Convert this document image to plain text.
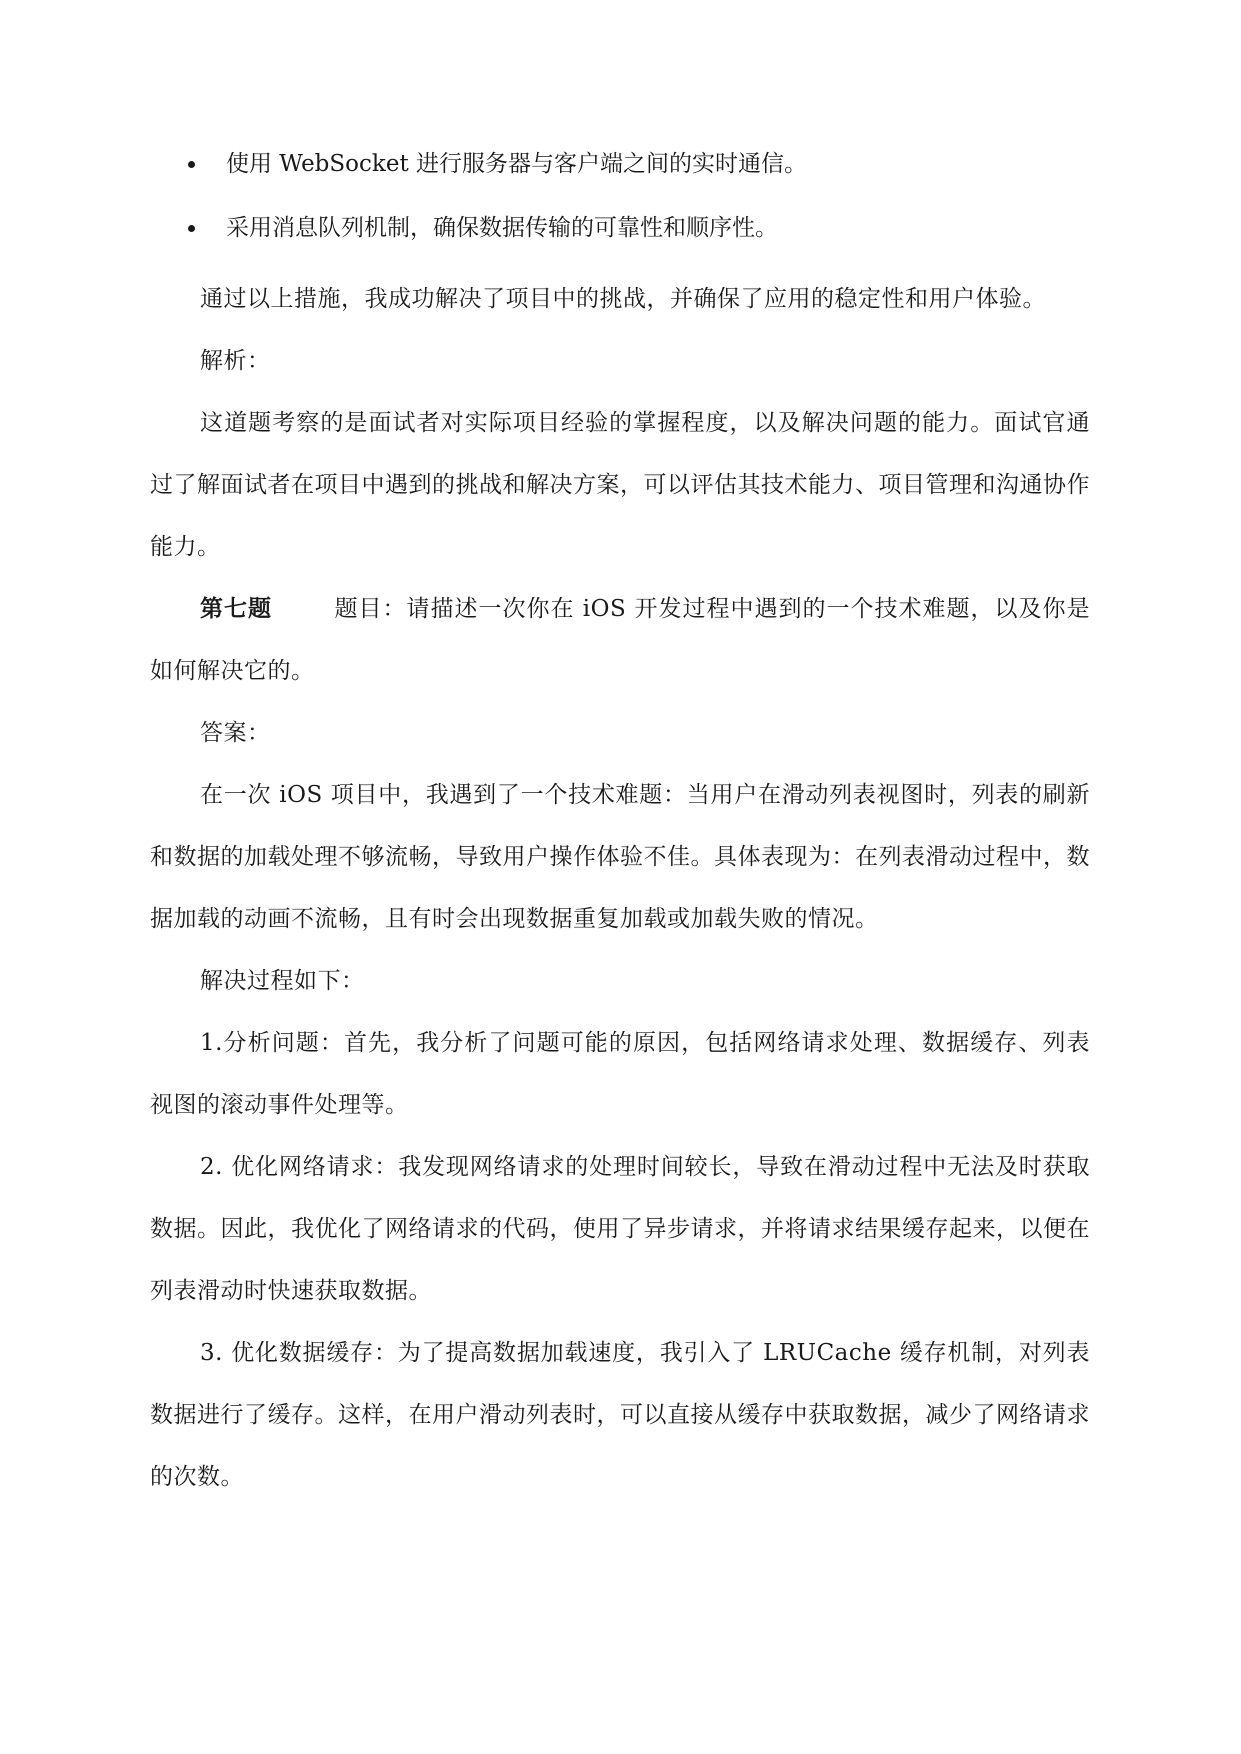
使用 WebSocket 进行服务器与客户端之间的实时通信。
采用消息队列机制，确保数据传输的可靠性和顺序性。

通过以上措施，我成功解决了项目中的挑战，并确保了应用的稳定性和用户体验。

解析：

这道题考察的是面试者对实际项目经验的掌握程度，以及解决问题的能力。面试官通过了解面试者在项目中遇到的挑战和解决方案，可以评估其技术能力、项目管理和沟通协作能力。

第七题	题目：请描述一次你在 iOS 开发过程中遇到的一个技术难题，以及你是如何解决它的。

答案：

在一次 iOS 项目中，我遇到了一个技术难题：当用户在滑动列表视图时，列表的刷新和数据的加载处理不够流畅，导致用户操作体验不佳。具体表现为：在列表滑动过程中，数据加载的动画不流畅，且有时会出现数据重复加载或加载失败的情况。

解决过程如下：

1.分析问题：首先，我分析了问题可能的原因，包括网络请求处理、数据缓存、列表视图的滚动事件处理等。

2. 优化网络请求：我发现网络请求的处理时间较长，导致在滑动过程中无法及时获取数据。因此，我优化了网络请求的代码，使用了异步请求，并将请求结果缓存起来，以便在列表滑动时快速获取数据。

3. 优化数据缓存：为了提高数据加载速度，我引入了 LRUCache 缓存机制，对列表数据进行了缓存。这样，在用户滑动列表时，可以直接从缓存中获取数据，减少了网络请求的次数。
